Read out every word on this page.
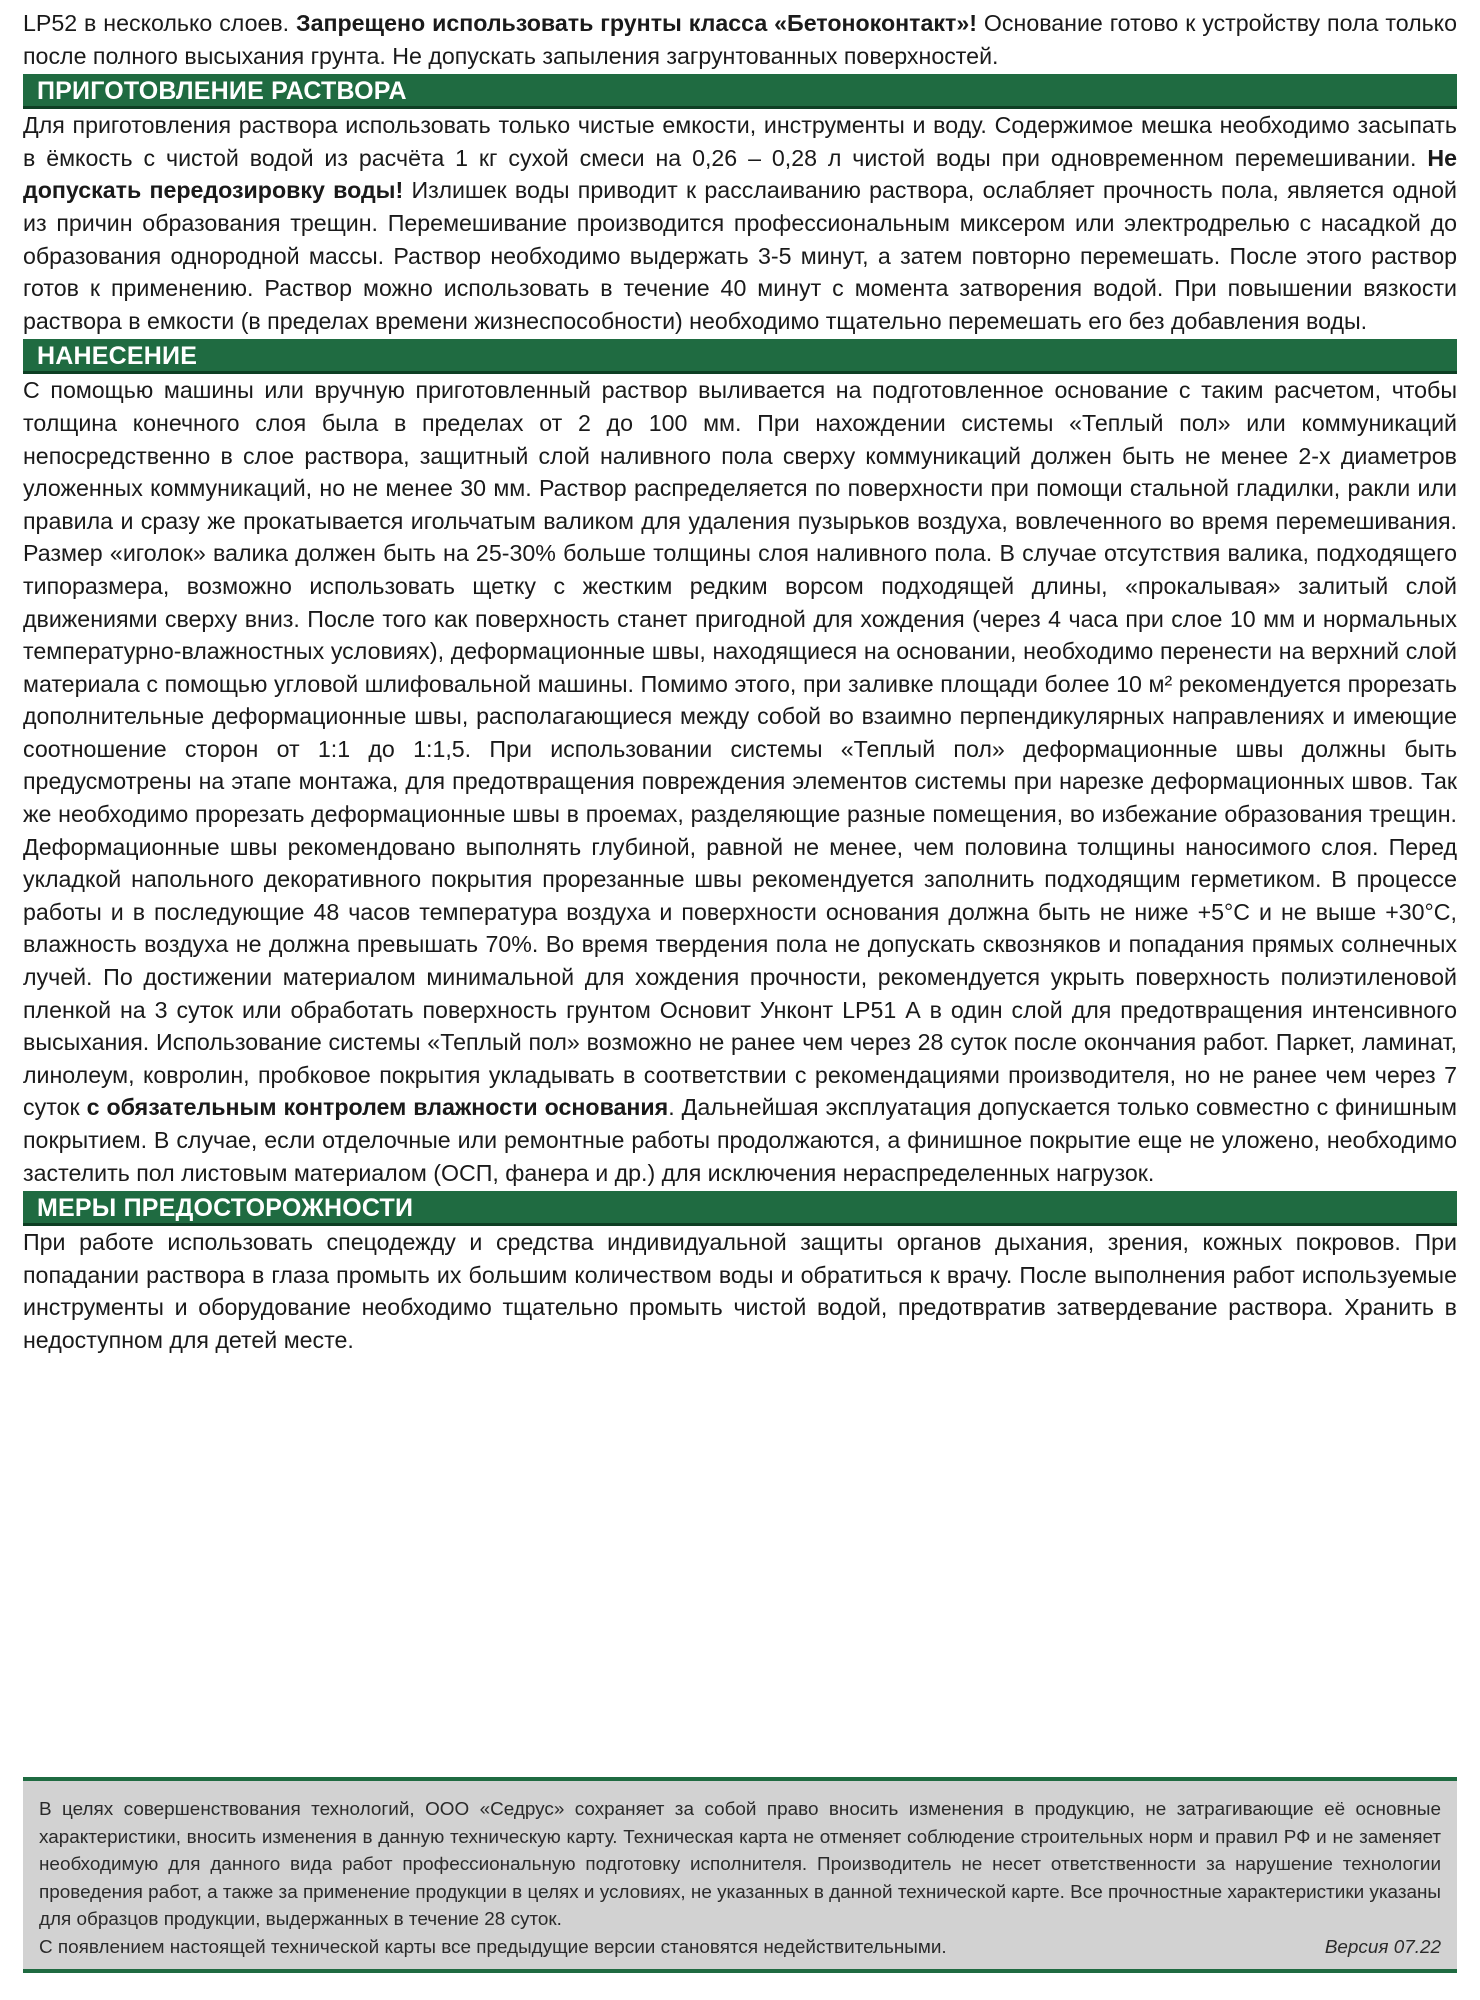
LP52 в несколько слоев. Запрещено использовать грунты класса «Бетоноконтакт»! Основание готово к устройству пола только после полного высыхания грунта. Не допускать запыления загрунтованных поверхностей.

ПРИГОТОВЛЕНИЕ РАСТВОРА

Для приготовления раствора использовать только чистые емкости, инструменты и воду. Содержимое мешка необходимо засыпать в ёмкость с чистой водой из расчёта 1 кг сухой смеси на 0,26 – 0,28 л чистой воды при одновременном перемешивании. Не допускать передозировку воды! Излишек воды приводит к расслаиванию раствора, ослабляет прочность пола, является одной из причин образования трещин. Перемешивание производится профессиональным миксером или электродрелью с насадкой до образования однородной массы. Раствор необходимо выдержать 3-5 минут, а затем повторно перемешать. После этого раствор готов к применению. Раствор можно использовать в течение 40 минут с момента затворения водой. При повышении вязкости раствора в емкости (в пределах времени жизнеспособности) необходимо тщательно перемешать его без добавления воды.

НАНЕСЕНИЕ

С помощью машины или вручную приготовленный раствор выливается на подготовленное основание с таким расчетом, чтобы толщина конечного слоя была в пределах от 2 до 100 мм. При нахождении системы «Теплый пол» или коммуникаций непосредственно в слое раствора, защитный слой наливного пола сверху коммуникаций должен быть не менее 2-х диаметров уложенных коммуникаций, но не менее 30 мм. Раствор распределяется по поверхности при помощи стальной гладилки, ракли или правила и сразу же прокатывается игольчатым валиком для удаления пузырьков воздуха, вовлеченного во время перемешивания. Размер «иголок» валика должен быть на 25-30% больше толщины слоя наливного пола. В случае отсутствия валика, подходящего типоразмера, возможно использовать щетку с жестким редким ворсом подходящей длины, «прокалывая» залитый слой движениями сверху вниз. После того как поверхность станет пригодной для хождения (через 4 часа при слое 10 мм и нормальных температурно-влажностных условиях), деформационные швы, находящиеся на основании, необходимо перенести на верхний слой материала с помощью угловой шлифовальной машины. Помимо этого, при заливке площади более 10 м² рекомендуется прорезать дополнительные деформационные швы, располагающиеся между собой во взаимно перпендикулярных направлениях и имеющие соотношение сторон от 1:1 до 1:1,5. При использовании системы «Теплый пол» деформационные швы должны быть предусмотрены на этапе монтажа, для предотвращения повреждения элементов системы при нарезке деформационных швов. Так же необходимо прорезать деформационные швы в проемах, разделяющие разные помещения, во избежание образования трещин. Деформационные швы рекомендовано выполнять глубиной, равной не менее, чем половина толщины наносимого слоя. Перед укладкой напольного декоративного покрытия прорезанные швы рекомендуется заполнить подходящим герметиком. В процессе работы и в последующие 48 часов температура воздуха и поверхности основания должна быть не ниже +5°С и не выше +30°С, влажность воздуха не должна превышать 70%. Во время твердения пола не допускать сквозняков и попадания прямых солнечных лучей. По достижении материалом минимальной для хождения прочности, рекомендуется укрыть поверхность полиэтиленовой пленкой на 3 суток или обработать поверхность грунтом Основит Унконт LP51 А в один слой для предотвращения интенсивного высыхания. Использование системы «Теплый пол» возможно не ранее чем через 28 суток после окончания работ. Паркет, ламинат, линолеум, ковролин, пробковое покрытия укладывать в соответствии с рекомендациями производителя, но не ранее чем через 7 суток с обязательным контролем влажности основания. Дальнейшая эксплуатация допускается только совместно с финишным покрытием. В случае, если отделочные или ремонтные работы продолжаются, а финишное покрытие еще не уложено, необходимо застелить пол листовым материалом (ОСП, фанера и др.) для исключения нераспределенных нагрузок.

МЕРЫ ПРЕДОСТОРОЖНОСТИ

При работе использовать спецодежду и средства индивидуальной защиты органов дыхания, зрения, кожных покровов. При попадании раствора в глаза промыть их большим количеством воды и обратиться к врачу. После выполнения работ используемые инструменты и оборудование необходимо тщательно промыть чистой водой, предотвратив затвердевание раствора. Хранить в недоступном для детей месте.

В целях совершенствования технологий, ООО «Седрус» сохраняет за собой право вносить изменения в продукцию, не затрагивающие её основные характеристики, вносить изменения в данную техническую карту. Техническая карта не отменяет соблюдение строительных норм и правил РФ и не заменяет необходимую для данного вида работ профессиональную подготовку исполнителя. Производитель не несет ответственности за нарушение технологии проведения работ, а также за применение продукции в целях и условиях, не указанных в данной технической карте. Все прочностные характеристики указаны для образцов продукции, выдержанных в течение 28 суток.

С появлением настоящей технической карты все предыдущие версии становятся недействительными.	Версия 07.22
